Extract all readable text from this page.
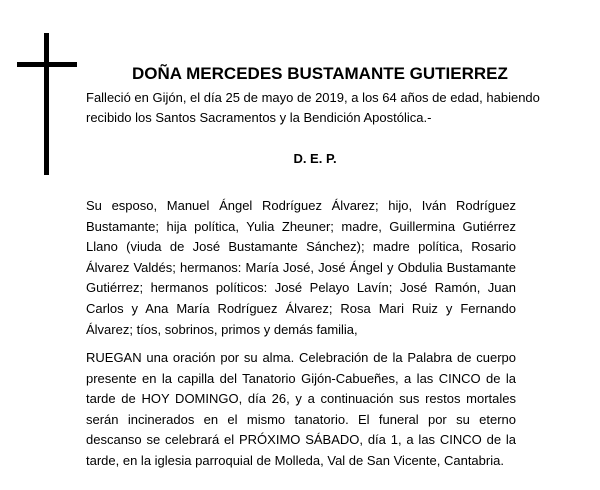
DOÑA MERCEDES BUSTAMANTE GUTIERREZ

Falleció en Gijón, el día 25 de mayo de 2019, a los 64 años de edad, habiendo recibido los Santos Sacramentos y la Bendición Apostólica.-

D. E. P.

Su esposo, Manuel Ángel Rodríguez Álvarez; hijo, Iván Rodríguez Bustamante; hija política, Yulia Zheuner; madre, Guillermina Gutiérrez Llano (viuda de José Bustamante Sánchez); madre política, Rosario Álvarez Valdés; hermanos: María José, José Ángel y Obdulia Bustamante Gutiérrez; hermanos políticos: José Pelayo Lavín; José Ramón, Juan Carlos y Ana María Rodríguez Álvarez; Rosa Mari Ruiz y Fernando Álvarez; tíos, sobrinos, primos y demás familia,

RUEGAN una oración por su alma. Celebración de la Palabra de cuerpo presente en la capilla del Tanatorio Gijón-Cabueñes, a las CINCO de la tarde de HOY DOMINGO, día 26, y a continuación sus restos mortales serán incinerados en el mismo tanatorio. El funeral por su eterno descanso se celebrará el PRÓXIMO SÁBADO, día 1, a las CINCO de la tarde, en la iglesia parroquial de Molleda, Val de San Vicente, Cantabria.
